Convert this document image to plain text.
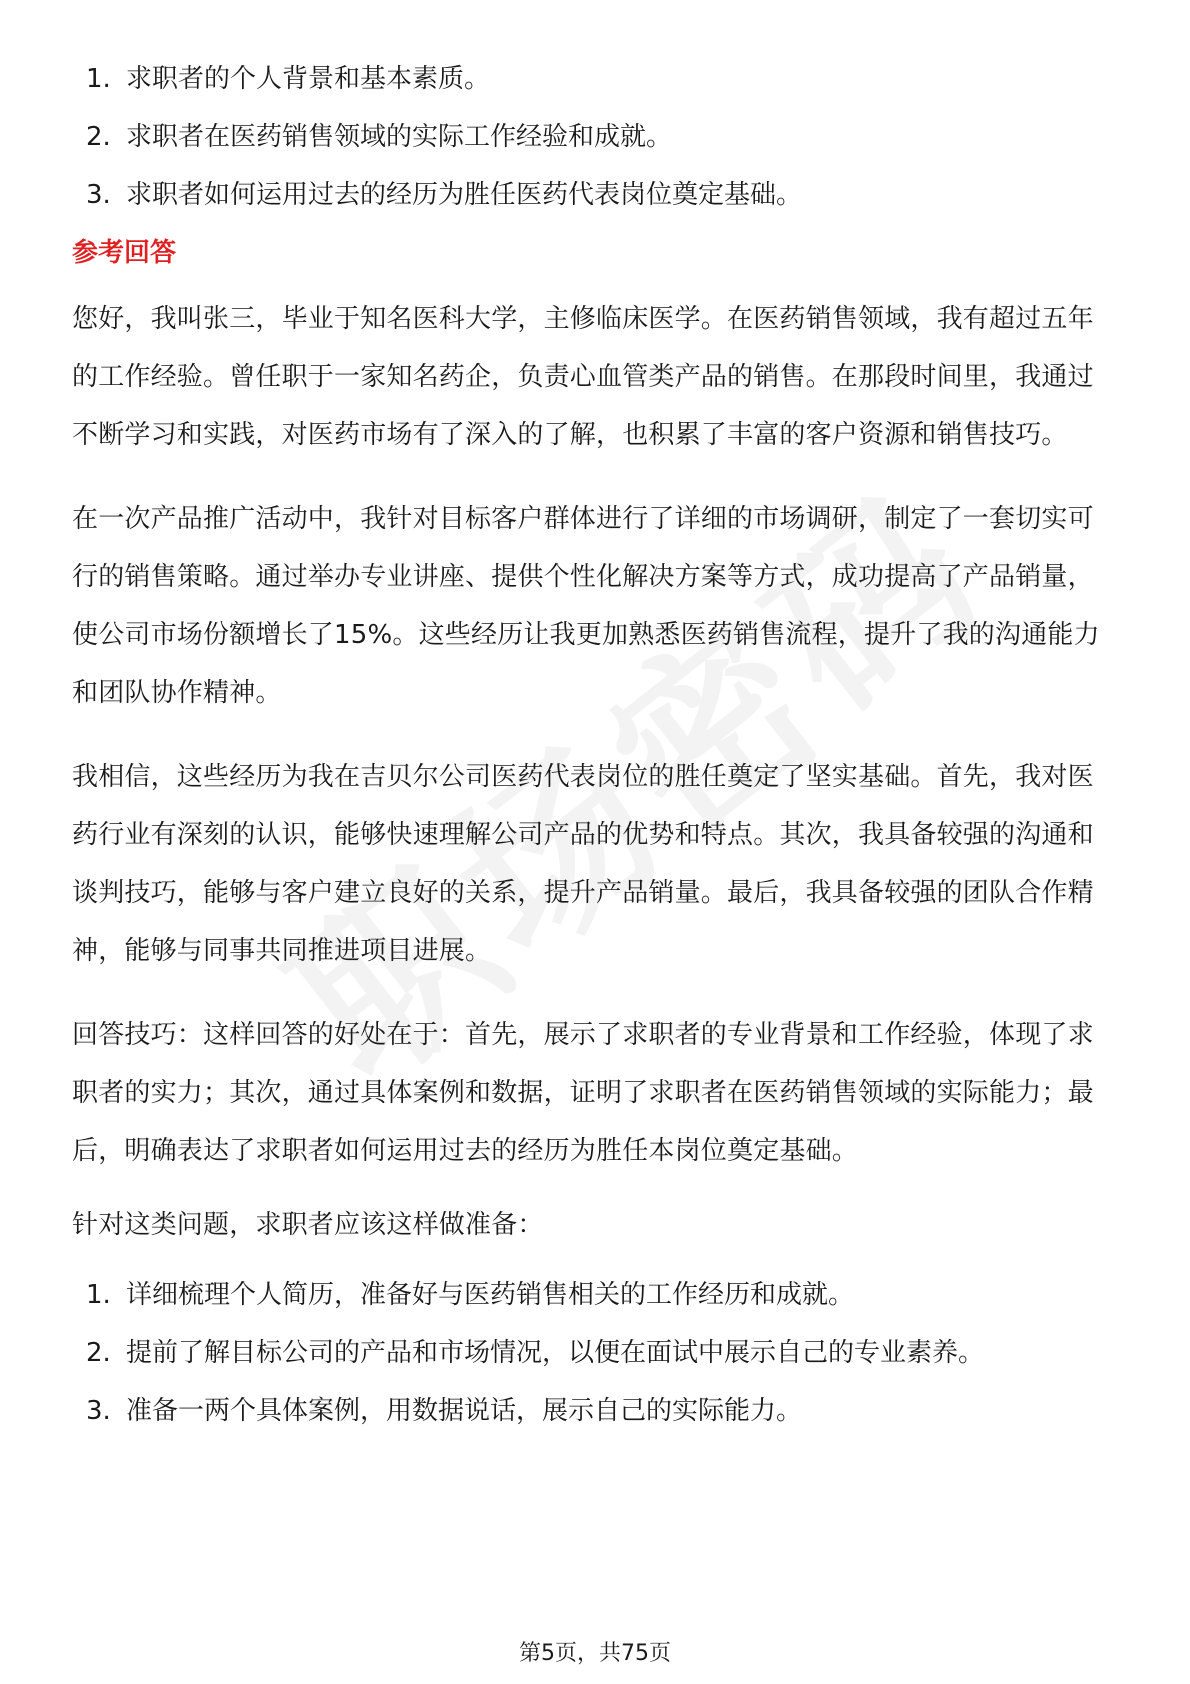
1. 求职者的个人背景和基本素质。
2. 求职者在医药销售领域的实际工作经验和成就。
3. 求职者如何运用过去的经历为胜任医药代表岗位奠定基础。
参考回答

您好，我叫张三，毕业于知名医科大学，主修临床医学。在医药销售领域，我有超过五年的工作经验。曾任职于一家知名药企，负责心血管类产品的销售。在那段时间里，我通过不断学习和实践，对医药市场有了深入的了解，也积累了丰富的客户资源和销售技巧。

在一次产品推广活动中，我针对目标客户群体进行了详细的市场调研，制定了一套切实可行的销售策略。通过举办专业讲座、提供个性化解决方案等方式，成功提高了产品销量，使公司市场份额增长了15%。这些经历让我更加熟悉医药销售流程，提升了我的沟通能力和团队协作精神。

我相信，这些经历为我在吉贝尔公司医药代表岗位的胜任奠定了坚实基础。首先，我对医药行业有深刻的认识，能够快速理解公司产品的优势和特点。其次，我具备较强的沟通和谈判技巧，能够与客户建立良好的关系，提升产品销量。最后，我具备较强的团队合作精神，能够与同事共同推进项目进展。

回答技巧：这样回答的好处在于：首先，展示了求职者的专业背景和工作经验，体现了求职者的实力；其次，通过具体案例和数据，证明了求职者在医药销售领域的实际能力；最后，明确表达了求职者如何运用过去的经历为胜任本岗位奠定基础。

针对这类问题，求职者应该这样做准备：

1. 详细梳理个人简历，准备好与医药销售相关的工作经历和成就。
2. 提前了解目标公司的产品和市场情况，以便在面试中展示自己的专业素养。
3. 准备一两个具体案例，用数据说话，展示自己的实际能力。
第5页，共75页
